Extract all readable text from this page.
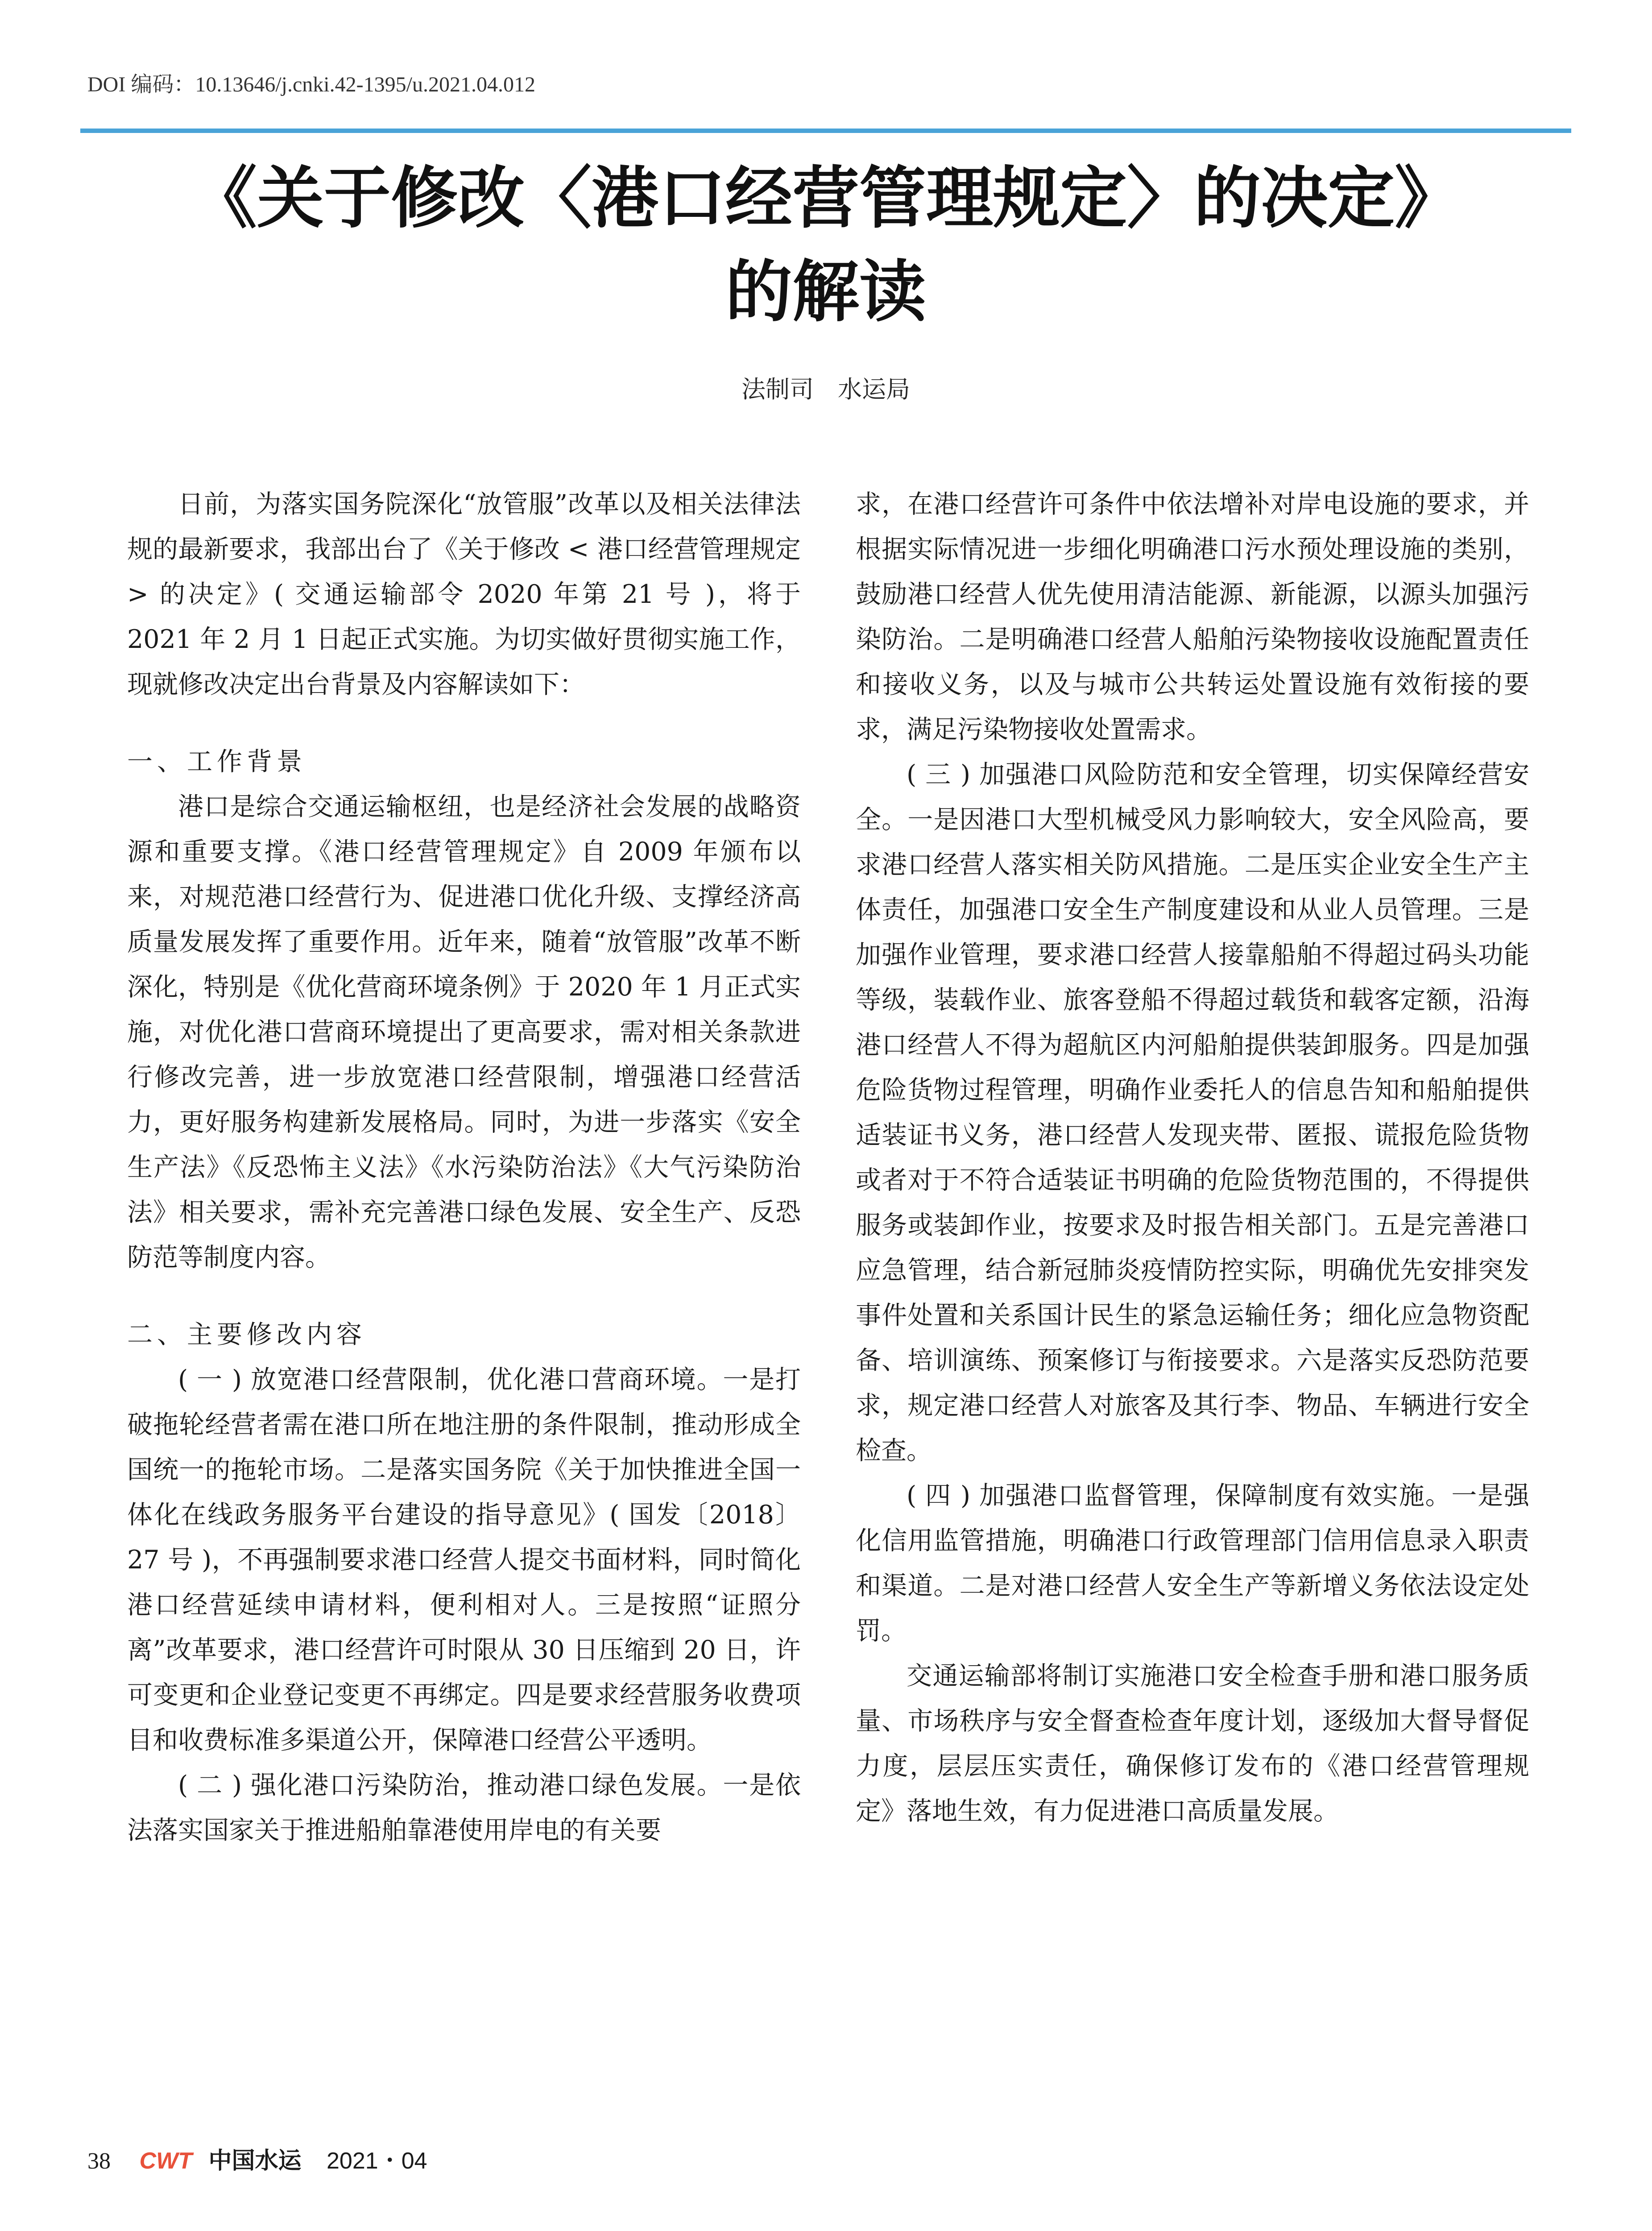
DOI 编码：10.13646/j.cnki.42-1395/u.2021.04.012
《关于修改〈港口经营管理规定〉的决定》
的解读
法制司　水运局

日前，为落实国务院深化“放管服”改革以及相关法律法规的最新要求，我部出台了《关于修改 < 港口经营管理规定 > 的决定》( 交通运输部令 2020 年第 21 号 )，将于 2021 年 2 月 1 日起正式实施。为切实做好贯彻实施工作，现就修改决定出台背景及内容解读如下：

一、工作背景

港口是综合交通运输枢纽，也是经济社会发展的战略资源和重要支撑。《港口经营管理规定》自 2009 年颁布以来，对规范港口经营行为、促进港口优化升级、支撑经济高质量发展发挥了重要作用。近年来，随着“放管服”改革不断深化，特别是《优化营商环境条例》于 2020 年 1 月正式实施，对优化港口营商环境提出了更高要求，需对相关条款进行修改完善，进一步放宽港口经营限制，增强港口经营活力，更好服务构建新发展格局。同时，为进一步落实《安全生产法》《反恐怖主义法》《水污染防治法》《大气污染防治法》相关要求，需补充完善港口绿色发展、安全生产、反恐防范等制度内容。

二、主要修改内容

( 一 ) 放宽港口经营限制，优化港口营商环境。一是打破拖轮经营者需在港口所在地注册的条件限制，推动形成全国统一的拖轮市场。二是落实国务院《关于加快推进全国一体化在线政务服务平台建设的指导意见》( 国发〔2018〕27 号 )，不再强制要求港口经营人提交书面材料，同时简化港口经营延续申请材料，便利相对人。三是按照“证照分离”改革要求，港口经营许可时限从 30 日压缩到 20 日，许可变更和企业登记变更不再绑定。四是要求经营服务收费项目和收费标准多渠道公开，保障港口经营公平透明。

( 二 ) 强化港口污染防治，推动港口绿色发展。一是依法落实国家关于推进船舶靠港使用岸电的有关要

求，在港口经营许可条件中依法增补对岸电设施的要求，并根据实际情况进一步细化明确港口污水预处理设施的类别，鼓励港口经营人优先使用清洁能源、新能源，以源头加强污染防治。二是明确港口经营人船舶污染物接收设施配置责任和接收义务，以及与城市公共转运处置设施有效衔接的要求，满足污染物接收处置需求。

( 三 ) 加强港口风险防范和安全管理，切实保障经营安全。一是因港口大型机械受风力影响较大，安全风险高，要求港口经营人落实相关防风措施。二是压实企业安全生产主体责任，加强港口安全生产制度建设和从业人员管理。三是加强作业管理，要求港口经营人接靠船舶不得超过码头功能等级，装载作业、旅客登船不得超过载货和载客定额，沿海港口经营人不得为超航区内河船舶提供装卸服务。四是加强危险货物过程管理，明确作业委托人的信息告知和船舶提供适装证书义务，港口经营人发现夹带、匿报、谎报危险货物或者对于不符合适装证书明确的危险货物范围的，不得提供服务或装卸作业，按要求及时报告相关部门。五是完善港口应急管理，结合新冠肺炎疫情防控实际，明确优先安排突发事件处置和关系国计民生的紧急运输任务；细化应急物资配备、培训演练、预案修订与衔接要求。六是落实反恐防范要求，规定港口经营人对旅客及其行李、物品、车辆进行安全检查。

( 四 ) 加强港口监督管理，保障制度有效实施。一是强化信用监管措施，明确港口行政管理部门信用信息录入职责和渠道。二是对港口经营人安全生产等新增义务依法设定处罚。

交通运输部将制订实施港口安全检查手册和港口服务质量、市场秩序与安全督查检查年度计划，逐级加大督导督促力度，层层压实责任，确保修订发布的《港口经营管理规定》落地生效，有力促进港口高质量发展。

38 CWT 中国水运 2021・04
